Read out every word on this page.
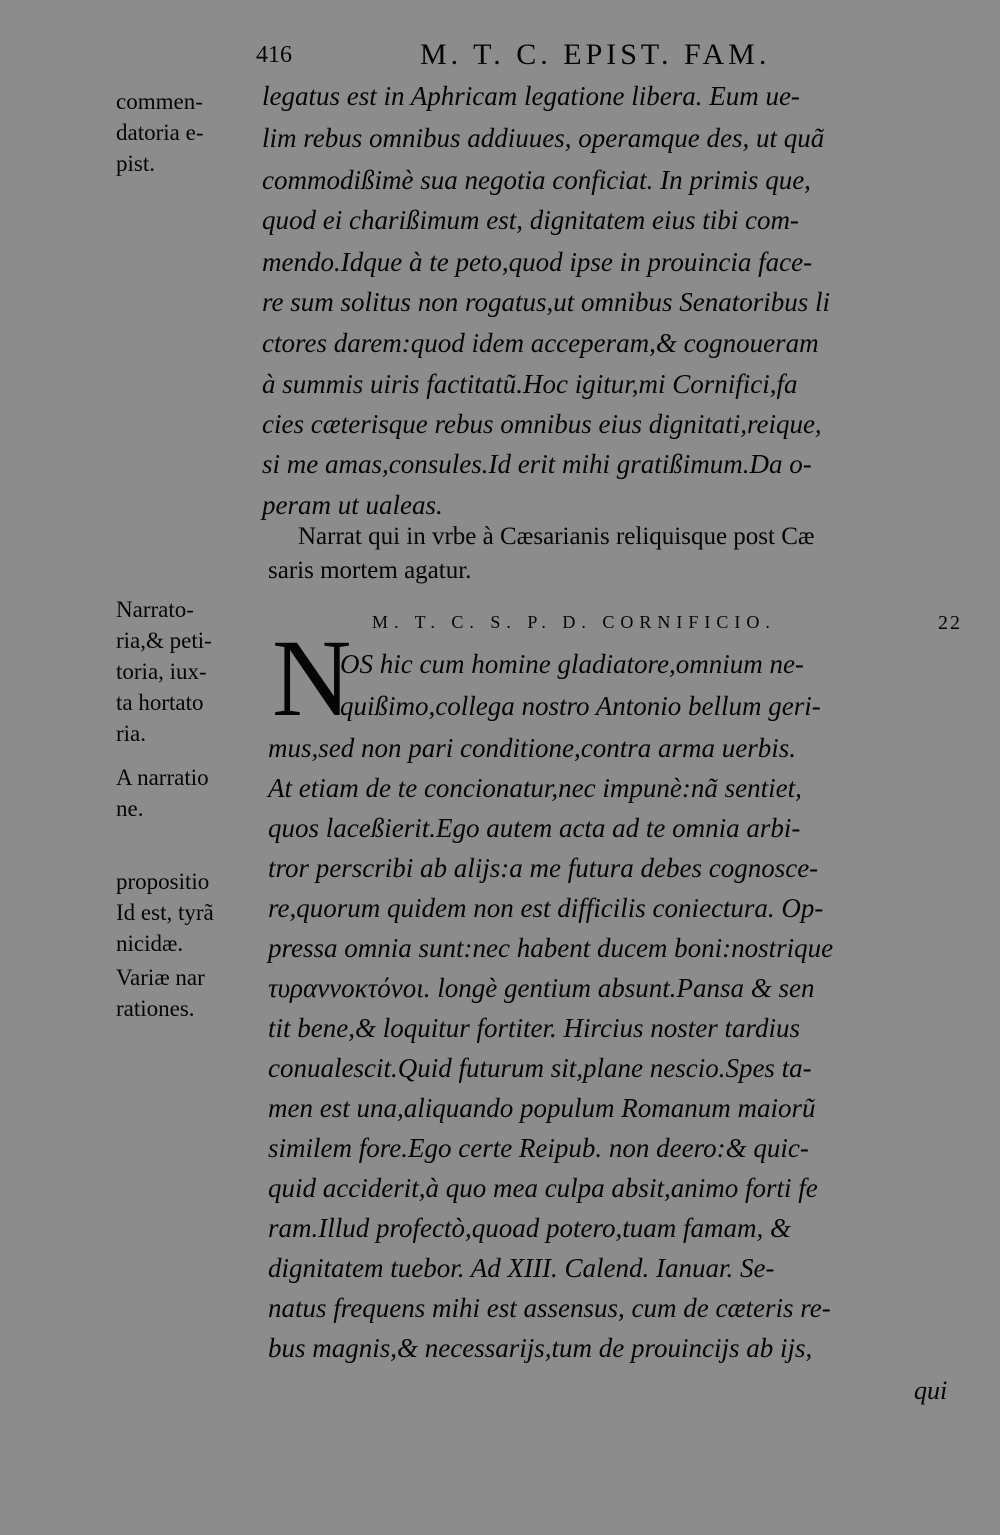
416	M. T. C. EPIST. FAM.
commen-
datoria e-
pist.
Narrato-
ria,& peti-
toria, iux-
ta hortato
ria.
A narratio
ne.
propositio
Id est, tyrã
nicidæ.
Variæ nar
rationes.
legatus est in Aphricam legatione libera. Eum ue-
lim rebus omnibus addiuues, operamque des, ut quã
commodißimè sua negotia conficiat. In primis que,
quod ei charißimum est, dignitatem eius tibi com-
mendo.Idque à te peto,quod ipse in prouincia face-
re sum solitus non rogatus,ut omnibus Senatoribus li
ctores darem:quod idem acceperam,& cognoueram
à summis uiris factitatũ.Hoc igitur,mi Cornifici,fa
cies cæterisque rebus omnibus eius dignitati,reique,
si me amas,consules.Id erit mihi gratißimum.Da o-
peram ut ualeas.
Narrat qui in vrbe à Cæsarianis reliquisque post Cæ
saris mortem agatur.
M. T. C. S. P. D. CORNIFICIO.	22
N
OS hic cum homine gladiatore,omnium ne-
quißimo,collega nostro Antonio bellum geri-
mus,sed non pari conditione,contra arma uerbis.
At etiam de te concionatur,nec impunè:nã sentiet,
quos laceßierit.Ego autem acta ad te omnia arbi-
tror perscribi ab alijs:a me futura debes cognosce-
re,quorum quidem non est difficilis coniectura. Op-
pressa omnia sunt:nec habent ducem boni:nostrique
τυραννοκτόνοι. longè gentium absunt.Pansa & sen
tit bene,& loquitur fortiter. Hircius noster tardius
conualescit.Quid futurum sit,plane nescio.Spes ta-
men est una,aliquando populum Romanum maiorũ
similem fore.Ego certe Reipub. non deero:& quic-
quid acciderit,à quo mea culpa absit,animo forti fe
ram.Illud profectò,quoad potero,tuam famam, &
dignitatem tuebor. Ad XIII. Calend. Ianuar. Se-
natus frequens mihi est assensus, cum de cæteris re-
bus magnis,& necessarijs,tum de prouincijs ab ijs,
qui
